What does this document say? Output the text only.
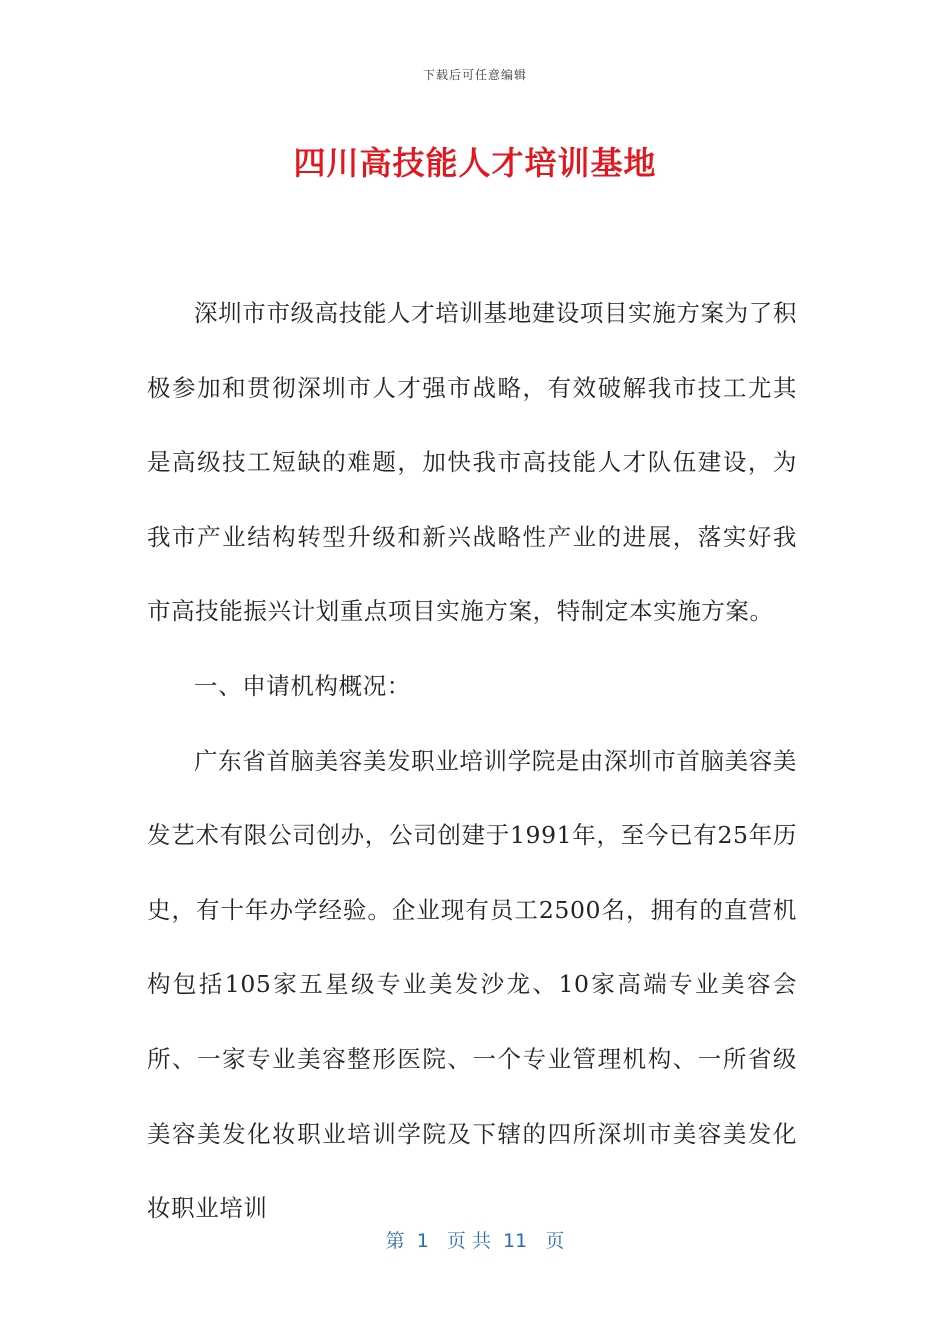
下载后可任意编辑
四川高技能人才培训基地

深圳市市级高技能人才培训基地建设项目实施方案为了积极参加和贯彻深圳市人才强市战略，有效破解我市技工尤其是高级技工短缺的难题，加快我市高技能人才队伍建设，为我市产业结构转型升级和新兴战略性产业的进展，落实好我市高技能振兴计划重点项目实施方案，特制定本实施方案。

一、申请机构概况：

广东省首脑美容美发职业培训学院是由深圳市首脑美容美发艺术有限公司创办，公司创建于1991年，至今已有25年历史，有十年办学经验。企业现有员工2500名，拥有的直营机构包括105家五星级专业美发沙龙、10家高端专业美容会所、一家专业美容整形医院、一个专业管理机构、一所省级美容美发化妆职业培训学院及下辖的四所深圳市美容美发化妆职业培训

第  1   页 共  11   页
